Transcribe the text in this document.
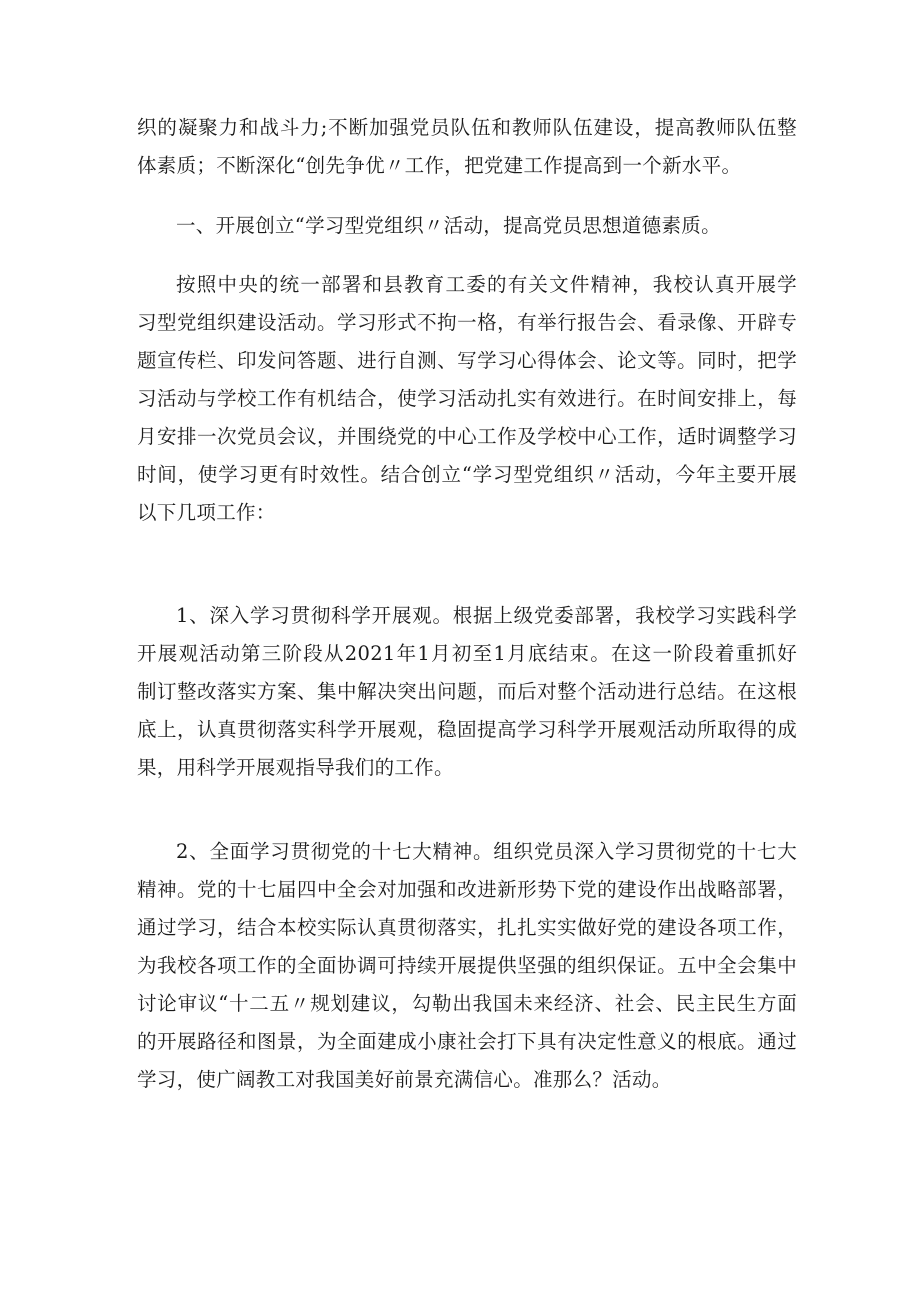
织的凝聚力和战斗力;不断加强党员队伍和教师队伍建设，提高教师队伍整
体素质；不断深化“创先争优〃工作，把党建工作提高到一个新水平。
一、开展创立“学习型党组织〃活动，提高党员思想道德素质。
按照中央的统一部署和县教育工委的有关文件精神，我校认真开展学
习型党组织建设活动。学习形式不拘一格，有举行报告会、看录像、开辟专
题宣传栏、印发问答题、进行自测、写学习心得体会、论文等。同时，把学
习活动与学校工作有机结合，使学习活动扎实有效进行。在时间安排上，每
月安排一次党员会议，并围绕党的中心工作及学校中心工作，适时调整学习
时间，使学习更有时效性。结合创立“学习型党组织〃活动，今年主要开展
以下几项工作：
1、深入学习贯彻科学开展观。根据上级党委部署，我校学习实践科学
开展观活动第三阶段从2021年1月初至1月底结束。在这一阶段着重抓好
制订整改落实方案、集中解决突出问题，而后对整个活动进行总结。在这根
底上，认真贯彻落实科学开展观，稳固提高学习科学开展观活动所取得的成
果，用科学开展观指导我们的工作。
2、全面学习贯彻党的十七大精神。组织党员深入学习贯彻党的十七大
精神。党的十七届四中全会对加强和改进新形势下党的建设作出战略部署，
通过学习，结合本校实际认真贯彻落实，扎扎实实做好党的建设各项工作，
为我校各项工作的全面协调可持续开展提供坚强的组织保证。五中全会集中
讨论审议“十二五〃规划建议，勾勒出我国未来经济、社会、民主民生方面
的开展路径和图景，为全面建成小康社会打下具有决定性意义的根底。通过
学习，使广阔教工对我国美好前景充满信心。准那么？活动。
